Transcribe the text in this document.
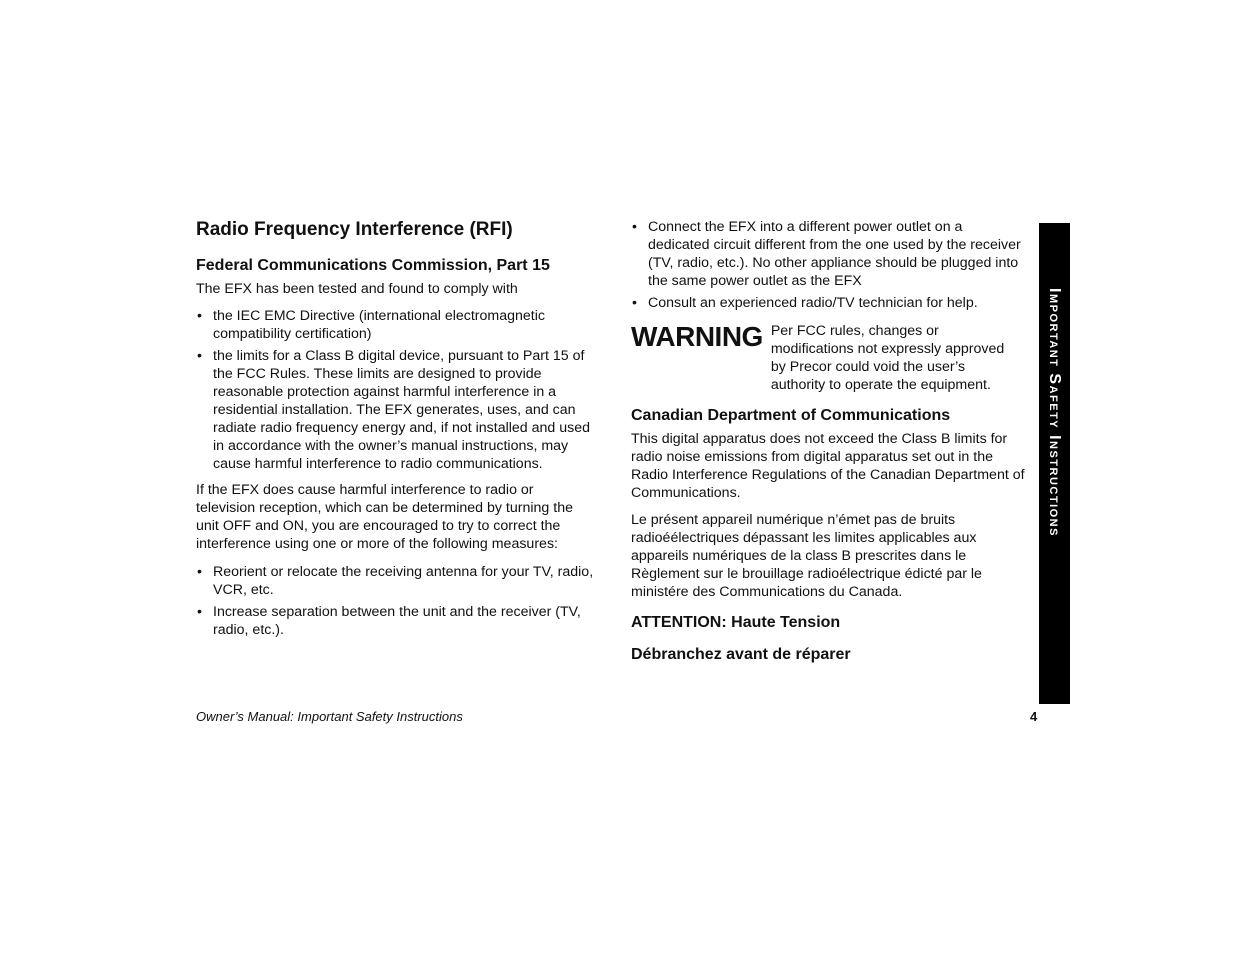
Radio Frequency Interference (RFI)
Federal Communications Commission, Part 15

The EFX has been tested and found to comply with

• the IEC EMC Directive (international electromagnetic compatibility certification)
• the limits for a Class B digital device, pursuant to Part 15 of the FCC Rules. These limits are designed to provide reasonable protection against harmful interference in a residential installation. The EFX generates, uses, and can radiate radio frequency energy and, if not installed and used in accordance with the owner’s manual instructions, may cause harmful interference to radio communications.

If the EFX does cause harmful interference to radio or television reception, which can be determined by turning the unit OFF and ON, you are encouraged to try to correct the interference using one or more of the following measures:

• Reorient or relocate the receiving antenna for your TV, radio, VCR, etc.
• Increase separation between the unit and the receiver (TV, radio, etc.).
• Connect the EFX into a different power outlet on a dedicated circuit different from the one used by the receiver (TV, radio, etc.). No other appliance should be plugged into the same power outlet as the EFX
• Consult an experienced radio/TV technician for help.
WARNING Per FCC rules, changes or modifications not expressly approved by Precor could void the user’s authority to operate the equipment.
Canadian Department of Communications

This digital apparatus does not exceed the Class B limits for radio noise emissions from digital apparatus set out in the Radio Interference Regulations of the Canadian Department of Communications.

Le présent appareil numérique n’émet pas de bruits radioéélectriques dépassant les limites applicables aux appareils numériques de la class B prescrites dans le Règlement sur le brouillage radioélectrique édicté par le ministére des Communications du Canada.

ATTENTION: Haute Tension
Débranchez avant de réparer
Important Safety Instructions
Owner’s Manual: Important Safety Instructions	4
